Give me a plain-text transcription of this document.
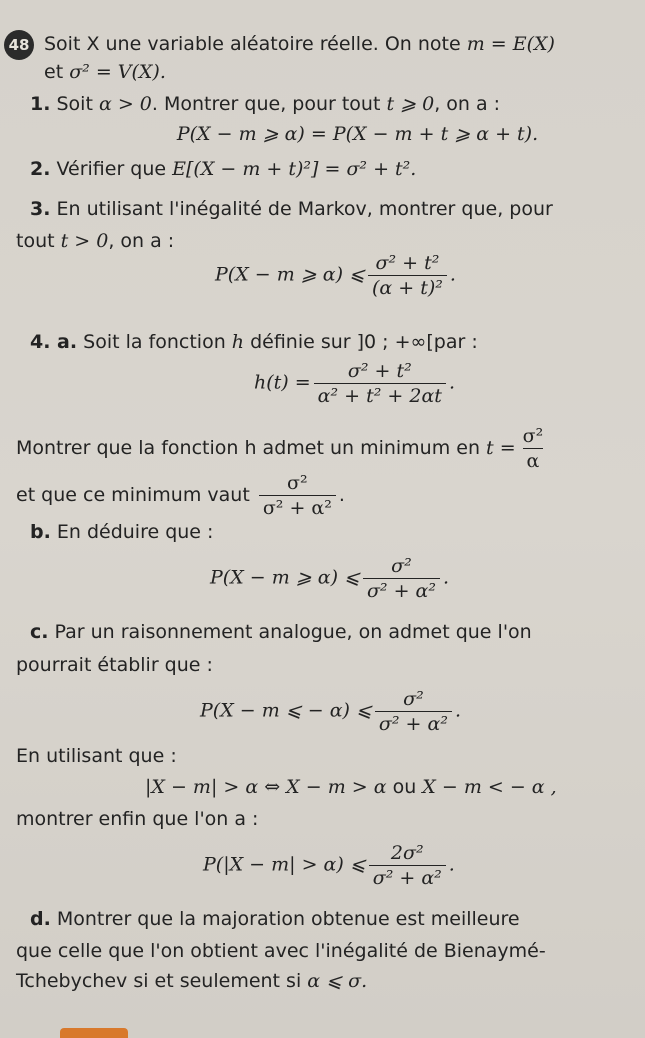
48 Soit X une variable aléatoire réelle. On note m = E(X)
et σ² = V(X).
1. Soit α > 0. Montrer que, pour tout t ⩾ 0, on a :
P(X − m ⩾ α) = P(X − m + t ⩾ α + t).
2. Vérifier que E[(X − m + t)²] = σ² + t².
3. En utilisant l'inégalité de Markov, montrer que, pour
tout t > 0, on a :
P(X − m ⩾ α) ⩽ $\frac{\text{σ² + t²}}{\text{(α + t)²}}$ .
4. a. Soit la fonction h définie sur ]0 ; +∞[par :
$h(t) = \frac{\text{σ² + t²}}{\text{α² + t² + 2αt}}$ .
Montrer que la fonction h admet un minimum en $t = \frac{\text{σ²}}{\alpha}$
et que ce minimum vaut $\frac{\text{σ²}}{\text{σ² + α²}}$ .
b. En déduire que :
P(X − m ⩾ α) ⩽ $\frac{\text{σ²}}{\text{σ² + α²}}$ .
c. Par un raisonnement analogue, on admet que l'on
pourrait établir que :
P(X − m ⩽ − α) ⩽ $\frac{\text{σ²}}{\text{σ² + α²}}$ .
En utilisant que :
|X − m| > α ⇔ X − m > α ou X − m < − α ,
montrer enfin que l'on a :
P(|X − m| > α) ⩽ $\frac{\text{2σ²}}{\text{σ² + α²}}$ .
d. Montrer que la majoration obtenue est meilleure
que celle que l'on obtient avec l'inégalité de Bienaymé-
Tchebychev si et seulement si α ⩽ σ.
